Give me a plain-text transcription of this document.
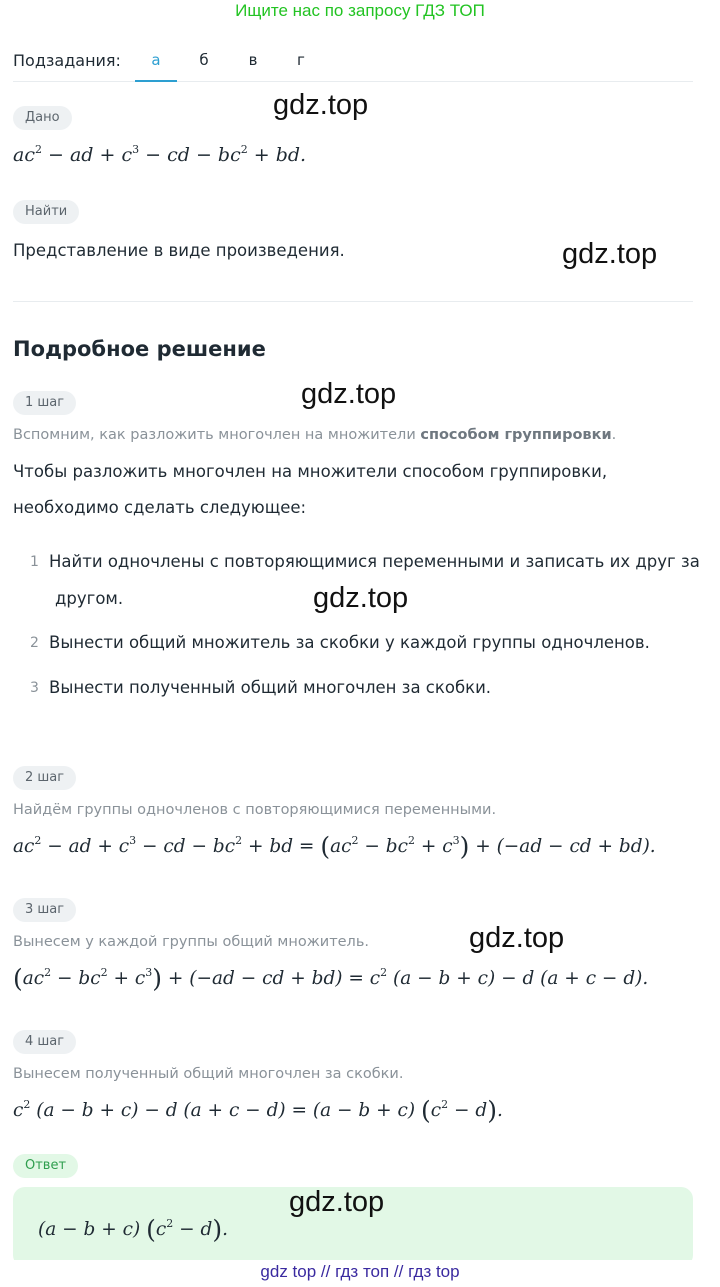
Ищите нас по запросу ГДЗ ТОП
Подзадания:	а	б	в	г
gdz.top
Дано
$ac^2$ − ad + $c^3$ − cd − $bc^2$ + bd.
Найти
Представление в виде произведения.	gdz.top
Подробное решение
gdz.top
1 шаг
Вспомним, как разложить многочлен на множители способом группировки.
Чтобы разложить многочлен на множители способом группировки,
необходимо сделать следующее:
1 Найти одночлены с повторяющимися переменными и записать их друг за
другом.	gdz.top
2 Вынести общий множитель за скобки у каждой группы одночленов.
3 Вынести полученный общий многочлен за скобки.
2 шаг
Найдём группы одночленов с повторяющимися переменными.
$ac^2$ − ad + $c^3$ − cd − $bc^2$ + bd = $(ac^2 - bc^2 + c^3) + (-ad$ − cd + bd).
3 шаг
Вынесем у каждой группы общий множитель.	gdz.top
$(ac^2 - bc^2 + c^3) + (-ad$ − cd + $bd) = c^2$ (a − b + c) − d (a + c − d).
4 шаг
Вынесем полученный общий многочлен за скобки.
$c^2$ (a − b + c) − d (a + c − d) = (a − b + c) $(c^2 - d)$.
Ответ
(a − b + c) $(c^2 - d)$.
gdz.top
gdz top // гдз топ // гдз top
